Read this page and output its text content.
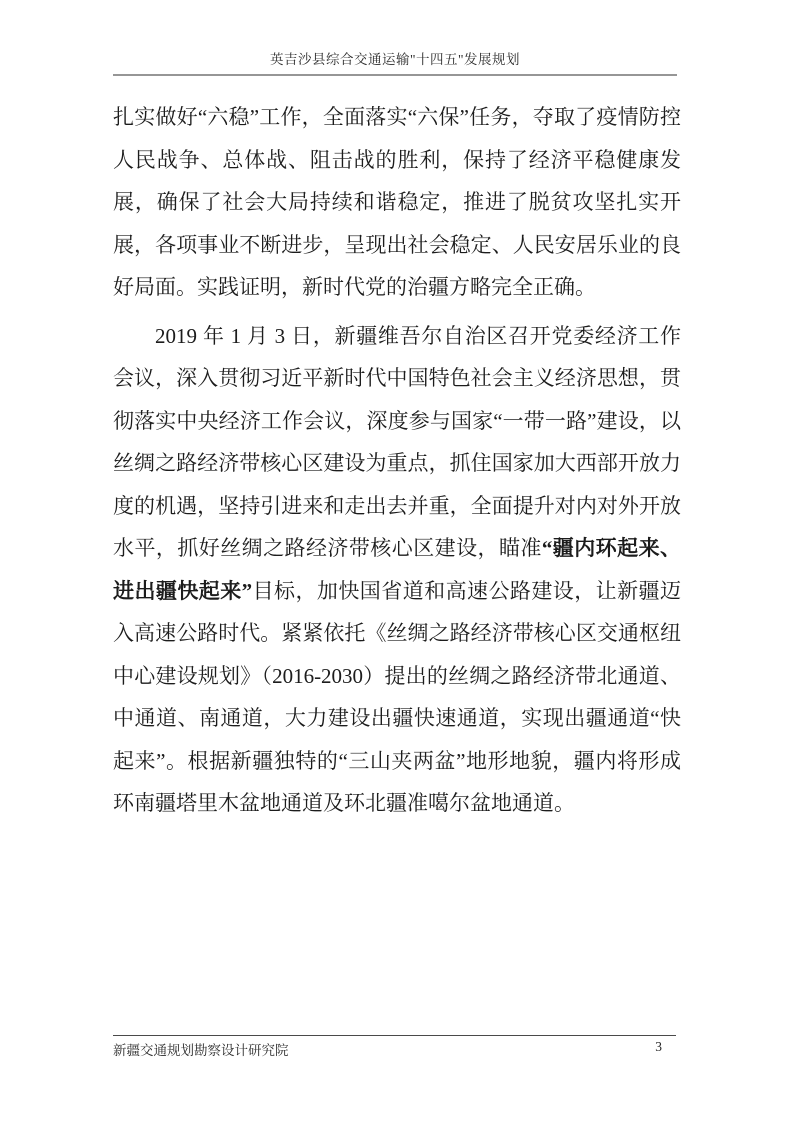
英吉沙县综合交通运输"十四五"发展规划

扎实做好“六稳”工作，全面落实“六保”任务，夺取了疫情防控人民战争、总体战、阻击战的胜利，保持了经济平稳健康发展，确保了社会大局持续和谐稳定，推进了脱贫攻坚扎实开展，各项事业不断进步，呈现出社会稳定、人民安居乐业的良好局面。实践证明，新时代党的治疆方略完全正确。

2019 年 1 月 3 日，新疆维吾尔自治区召开党委经济工作会议，深入贯彻习近平新时代中国特色社会主义经济思想，贯彻落实中央经济工作会议，深度参与国家“一带一路”建设，以丝绸之路经济带核心区建设为重点，抓住国家加大西部开放力度的机遇，坚持引进来和走出去并重，全面提升对内对外开放水平，抓好丝绸之路经济带核心区建设，瞄准“疆内环起来、进出疆快起来”目标，加快国省道和高速公路建设，让新疆迈入高速公路时代。紧紧依托《丝绸之路经济带核心区交通枢纽中心建设规划》（2016-2030）提出的丝绸之路经济带北通道、中通道、南通道，大力建设出疆快速通道，实现出疆通道“快起来”。根据新疆独特的“三山夹两盆”地形地貌，疆内将形成环南疆塔里木盆地通道及环北疆准噶尔盆地通道。

新疆交通规划勘察设计研究院	3
